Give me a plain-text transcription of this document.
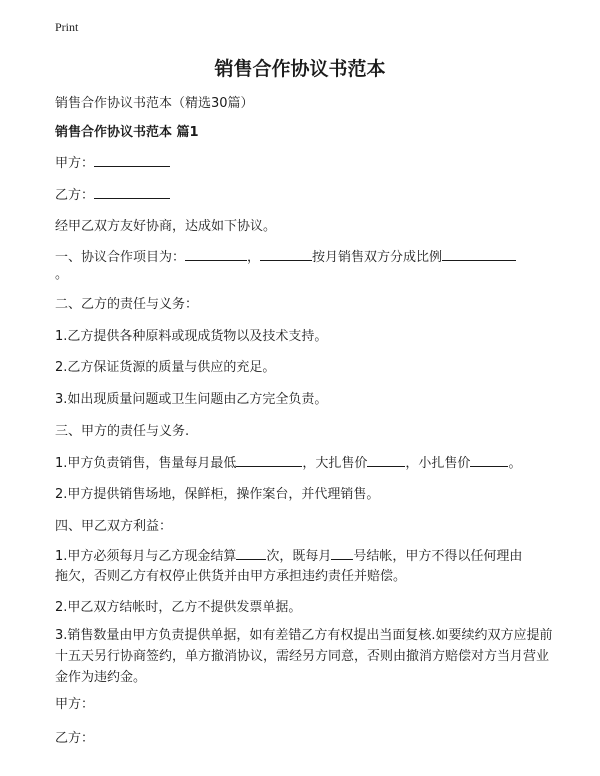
Print
销售合作协议书范本

销售合作协议书范本（精选30篇）

销售合作协议书范本 篇1

甲方：

乙方：

经甲乙双方友好协商，达成如下协议。

一、协议合作项目为：	，	按月销售双方分成比例

。

二、乙方的责任与义务：

1.乙方提供各种原料或现成货物以及技术支持。

2.乙方保证货源的质量与供应的充足。

3.如出现质量问题或卫生问题由乙方完全负责。

三、甲方的责任与义务.

1.甲方负责销售，售量每月最低	，大扎售价	，小扎售价	。

2.甲方提供销售场地，保鲜柜，操作案台，并代理销售。

四、甲乙双方利益：

1.甲方必须每月与乙方现金结算 次，既每月 号结帐，甲方不得以任何理由

拖欠，否则乙方有权停止供货并由甲方承担违约责任并赔偿。

2.甲乙双方结帐时，乙方不提供发票单据。

3.销售数量由甲方负责提供单据，如有差错乙方有权提出当面复核.如要续约双方应提前十五天另行协商签约，单方撤消协议，需经另方同意，否则由撤消方赔偿对方当月营业金作为违约金。

甲方：

乙方：
